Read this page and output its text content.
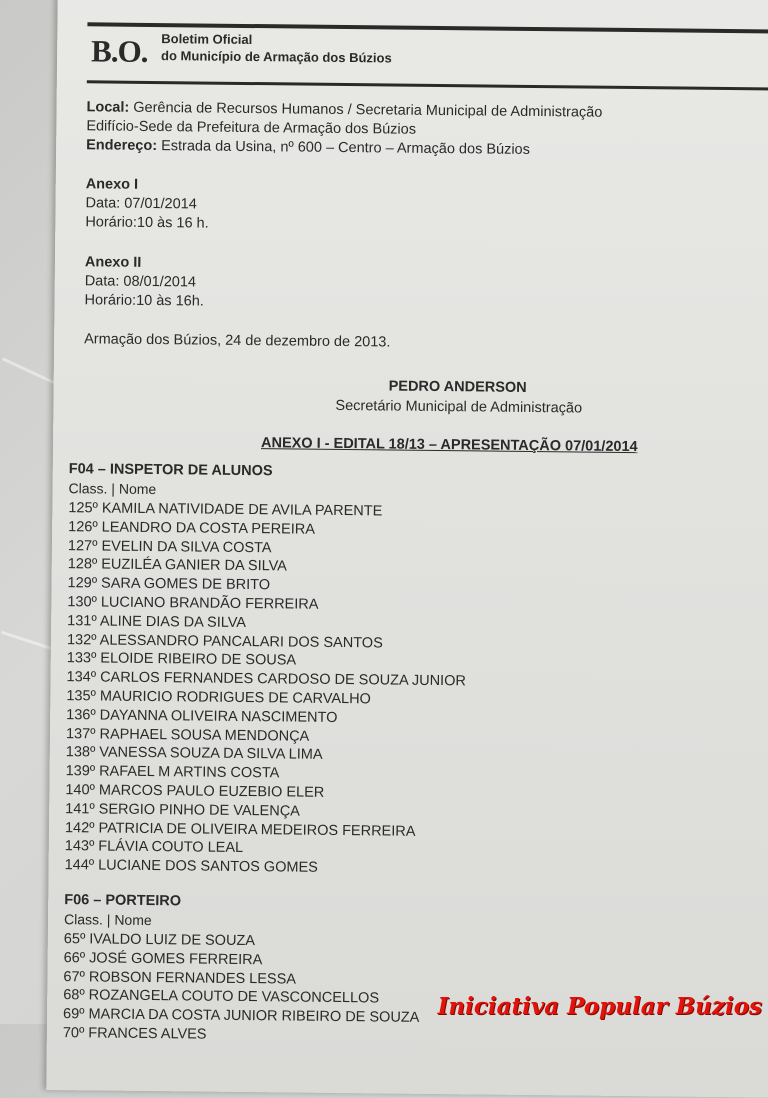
B.O. Boletim Oficial
do Município de Armação dos Búzios
Local: Gerência de Recursos Humanos / Secretaria Municipal de Administração
Edifício-Sede da Prefeitura de Armação dos Búzios
Endereço: Estrada da Usina, nº 600 – Centro – Armação dos Búzios
Anexo I
Data: 07/01/2014
Horário:10 às 16 h.
Anexo II
Data: 08/01/2014
Horário:10 às 16h.
Armação dos Búzios, 24 de dezembro de 2013.
PEDRO ANDERSON
Secretário Municipal de Administração
ANEXO I - EDITAL 18/13 – APRESENTAÇÃO 07/01/2014
F04 – INSPETOR DE ALUNOS
Class. | Nome
125º KAMILA NATIVIDADE DE AVILA PARENTE
126º LEANDRO DA COSTA PEREIRA
127º EVELIN DA SILVA COSTA
128º EUZILÉA GANIER DA SILVA
129º SARA GOMES DE BRITO
130º LUCIANO BRANDÃO FERREIRA
131º ALINE DIAS DA SILVA
132º ALESSANDRO PANCALARI DOS SANTOS
133º ELOIDE RIBEIRO DE SOUSA
134º CARLOS FERNANDES CARDOSO DE SOUZA JUNIOR
135º MAURICIO RODRIGUES DE CARVALHO
136º DAYANNA OLIVEIRA NASCIMENTO
137º RAPHAEL SOUSA MENDONÇA
138º VANESSA SOUZA DA SILVA LIMA
139º RAFAEL M ARTINS COSTA
140º MARCOS PAULO EUZEBIO ELER
141º SERGIO PINHO DE VALENÇA
142º PATRICIA DE OLIVEIRA MEDEIROS FERREIRA
143º FLÁVIA COUTO LEAL
144º LUCIANE DOS SANTOS GOMES
F06 – PORTEIRO
Class. | Nome
65º IVALDO LUIZ DE SOUZA
66º JOSÉ GOMES FERREIRA
67º ROBSON FERNANDES LESSA
68º ROZANGELA COUTO DE VASCONCELLOS
69º MARCIA DA COSTA JUNIOR RIBEIRO DE SOUZA
70º FRANCES ALVES
Iniciativa Popular Búzios
